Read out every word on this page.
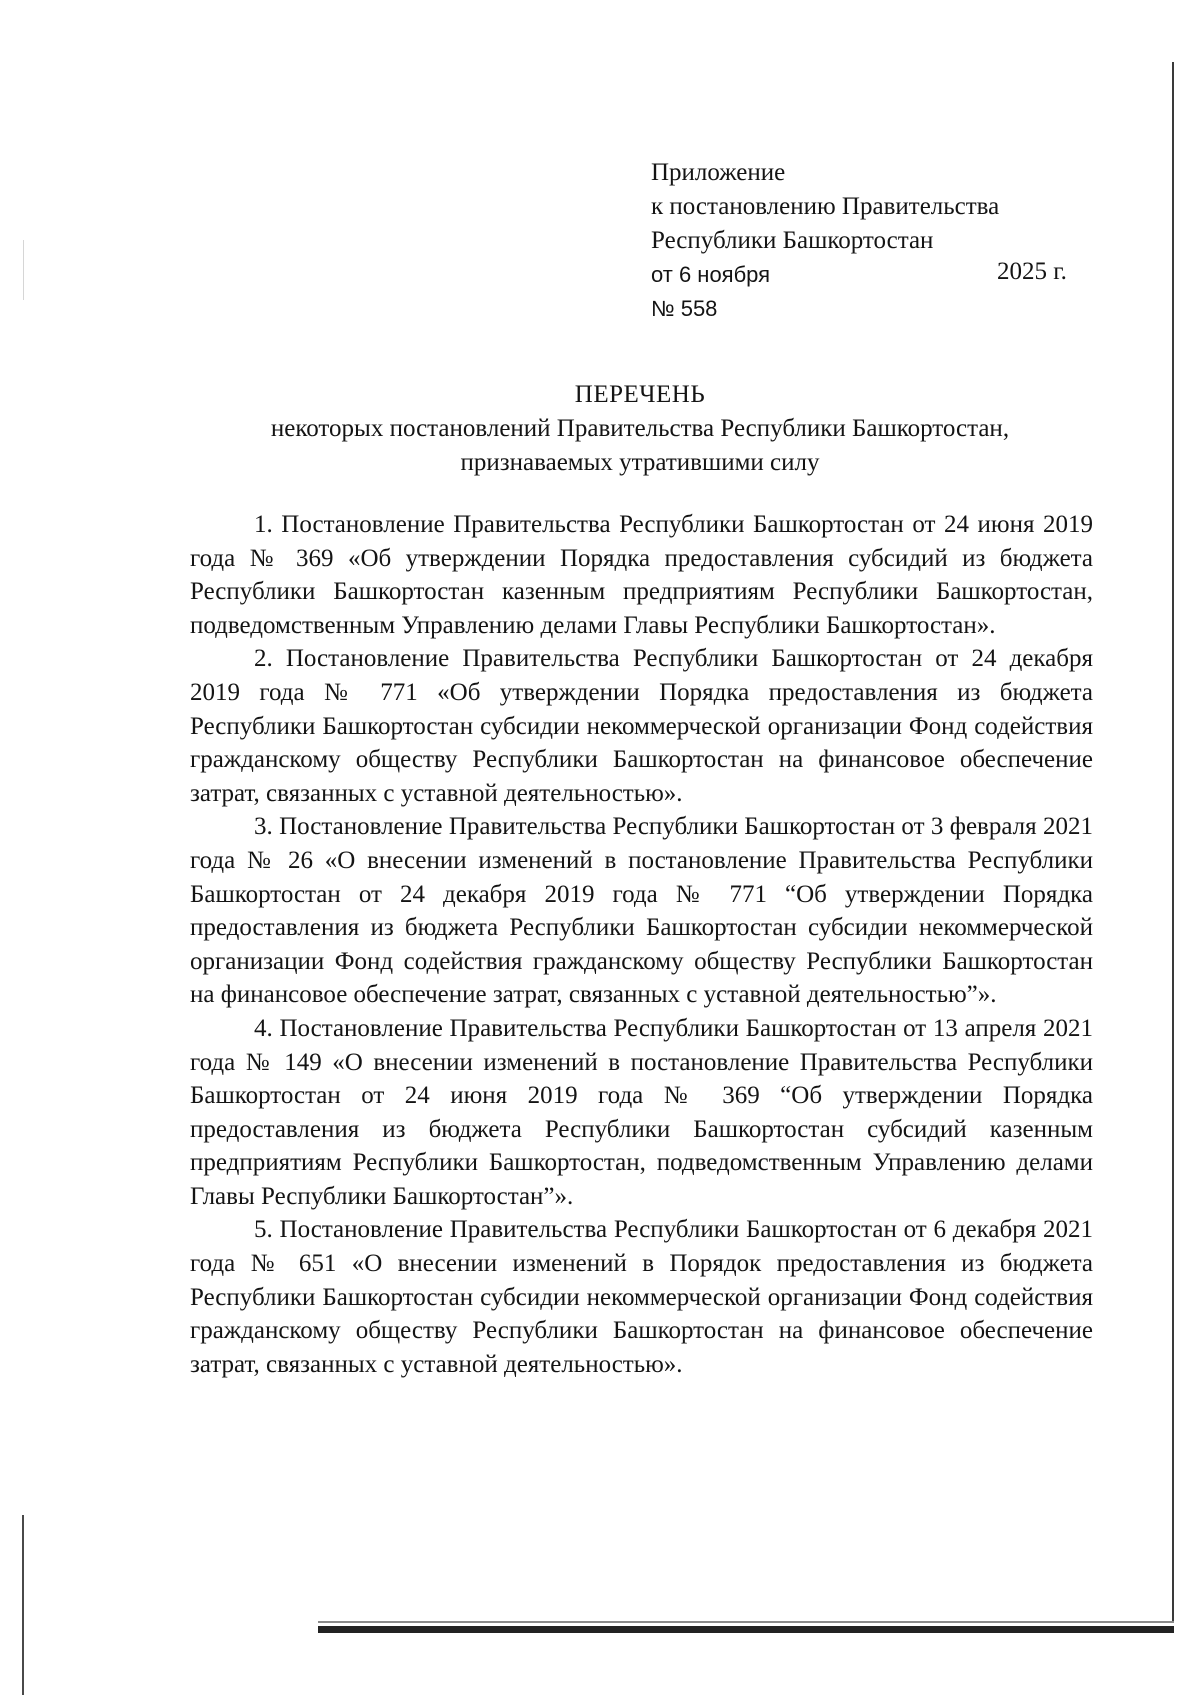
Приложение
к постановлению Правительства
Республики Башкортостан
от 6 ноября	2025 г.
№ 558
ПЕРЕЧЕНЬ
некоторых постановлений Правительства Республики Башкортостан,
признаваемых утратившими силу

1. Постановление Правительства Республики Башкортостан от 24 июня 2019 года № 369 «Об утверждении Порядка предоставления субсидий из бюджета Республики Башкортостан казенным предприятиям Республики Башкортостан, подведомственным Управлению делами Главы Республики Башкортостан».

2. Постановление Правительства Республики Башкортостан от 24 декабря 2019 года № 771 «Об утверждении Порядка предоставления из бюджета Республики Башкортостан субсидии некоммерческой организации Фонд содействия гражданскому обществу Республики Башкортостан на финансовое обеспечение затрат, связанных с уставной деятельностью».

3. Постановление Правительства Республики Башкортостан от 3 февраля 2021 года № 26 «О внесении изменений в постановление Правительства Республики Башкортостан от 24 декабря 2019 года № 771 “Об утверждении Порядка предоставления из бюджета Республики Башкортостан субсидии некоммерческой организации Фонд содействия гражданскому обществу Республики Башкортостан на финансовое обеспечение затрат, связанных с уставной деятельностью”».

4. Постановление Правительства Республики Башкортостан от 13 апреля 2021 года № 149 «О внесении изменений в постановление Правительства Республики Башкортостан от 24 июня 2019 года № 369 “Об утверждении Порядка предоставления из бюджета Республики Башкортостан субсидий казенным предприятиям Республики Башкортостан, подведомственным Управлению делами Главы Республики Башкортостан”».

5. Постановление Правительства Республики Башкортостан от 6 декабря 2021 года № 651 «О внесении изменений в Порядок предоставления из бюджета Республики Башкортостан субсидии некоммерческой организации Фонд содействия гражданскому обществу Республики Башкортостан на финансовое обеспечение затрат, связанных с уставной деятельностью».
